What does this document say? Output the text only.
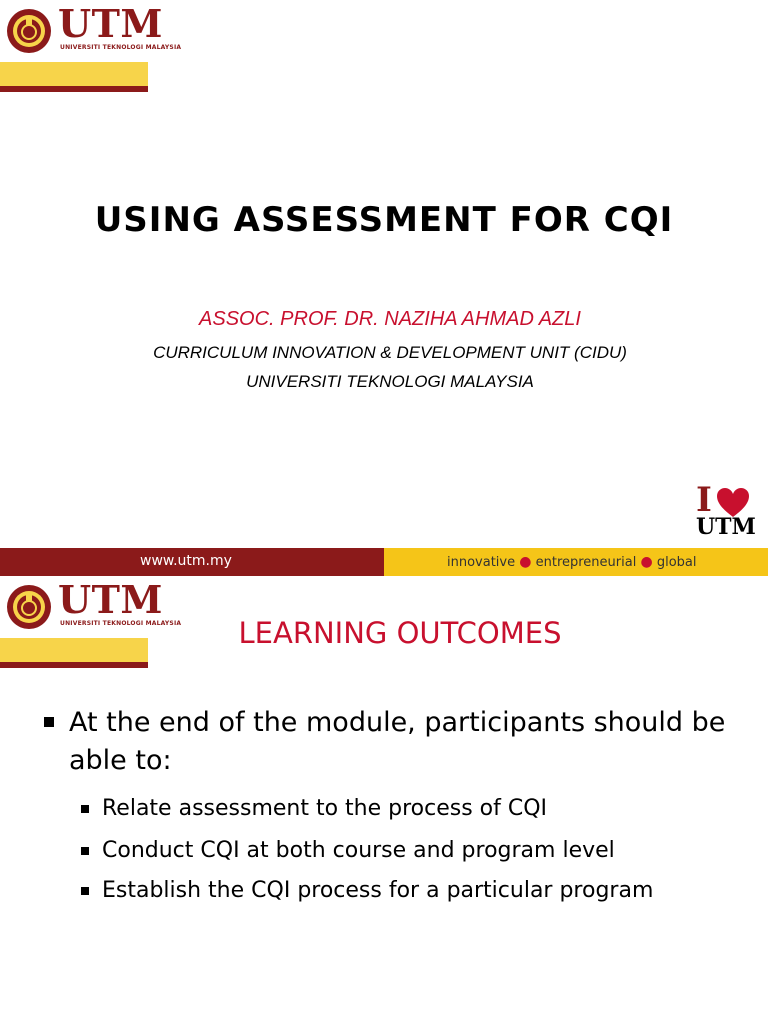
UTM
UNIVERSITI TEKNOLOGI MALAYSIA
USING ASSESSMENT FOR CQI
ASSOC. PROF. DR. NAZIHA AHMAD AZLI
CURRICULUM INNOVATION & DEVELOPMENT UNIT (CIDU)
UNIVERSITI TEKNOLOGI MALAYSIA
I
UTM
www.utm.my	innovative ● entrepreneurial ● global
UTM
UNIVERSITI TEKNOLOGI MALAYSIA	LEARNING OUTCOMES
At the end of the module, participants should be able to:
Relate assessment to the process of CQI
Conduct CQI at both course and program level
Establish the CQI process for a particular program
